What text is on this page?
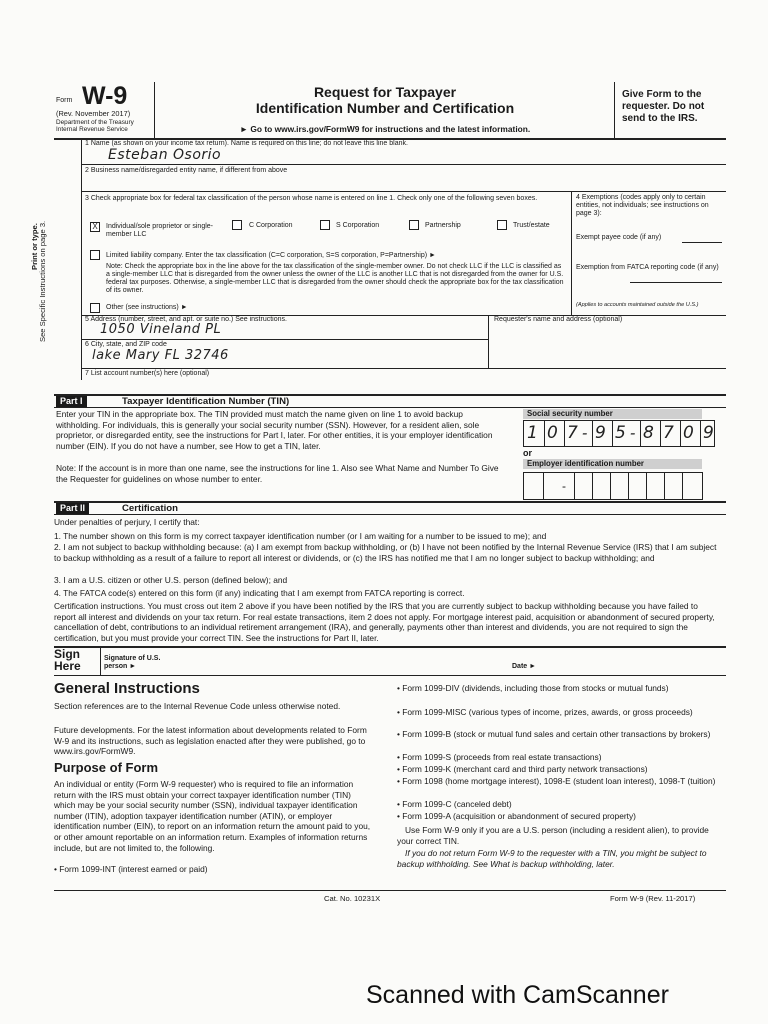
Form W-9
(Rev. November 2017)
Department of the Treasury
Internal Revenue Service
Request for Taxpayer
Identification Number and Certification
► Go to www.irs.gov/FormW9 for instructions and the latest information.
Give Form to the requester. Do not send to the IRS.
Print or type. See Specific Instructions on page 3.
1 Name (as shown on your income tax return). Name is required on this line; do not leave this line blank.
Esteban Osorio
2 Business name/disregarded entity name, if different from above
3 Check appropriate box for federal tax classification of the person whose name is entered on line 1. Check only one of the following seven boxes.
X	Individual/sole proprietor or single-member LLC
C Corporation	S Corporation	Partnership	Trust/estate
Limited liability company. Enter the tax classification (C=C corporation, S=S corporation, P=Partnership) ►
Note: Check the appropriate box in the line above for the tax classification of the single-member owner. Do not check LLC if the LLC is classified as a single-member LLC that is disregarded from the owner unless the owner of the LLC is another LLC that is not disregarded from the owner for U.S. federal tax purposes. Otherwise, a single-member LLC that is disregarded from the owner should check the appropriate box for the tax classification of its owner.
Other (see instructions) ►
4 Exemptions (codes apply only to certain entities, not individuals; see instructions on page 3):
Exempt payee code (if any)
Exemption from FATCA reporting code (if any)
(Applies to accounts maintained outside the U.S.)
5 Address (number, street, and apt. or suite no.) See instructions.
1050 Vineland PL
Requester's name and address (optional)
6 City, state, and ZIP code
lake Mary FL 32746
7 List account number(s) here (optional)
Part I	Taxpayer Identification Number (TIN)
Enter your TIN in the appropriate box. The TIN provided must match the name given on line 1 to avoid backup withholding. For individuals, this is generally your social security number (SSN). However, for a resident alien, sole proprietor, or disregarded entity, see the instructions for Part I, later. For other entities, it is your employer identification number (EIN). If you do not have a number, see How to get a TIN, later.
Note: If the account is in more than one name, see the instructions for line 1. Also see What Name and Number To Give the Requester for guidelines on whose number to enter.
Social security number
1 0 7 - 9 5 - 8 7 0 9
or
Employer identification number
-
Part II	Certification
Under penalties of perjury, I certify that:
1. The number shown on this form is my correct taxpayer identification number (or I am waiting for a number to be issued to me); and
2. I am not subject to backup withholding because: (a) I am exempt from backup withholding, or (b) I have not been notified by the Internal Revenue Service (IRS) that I am subject to backup withholding as a result of a failure to report all interest or dividends, or (c) the IRS has notified me that I am no longer subject to backup withholding; and
3. I am a U.S. citizen or other U.S. person (defined below); and
4. The FATCA code(s) entered on this form (if any) indicating that I am exempt from FATCA reporting is correct.
Certification instructions. You must cross out item 2 above if you have been notified by the IRS that you are currently subject to backup withholding because you have failed to report all interest and dividends on your tax return. For real estate transactions, item 2 does not apply. For mortgage interest paid, acquisition or abandonment of secured property, cancellation of debt, contributions to an individual retirement arrangement (IRA), and generally, payments other than interest and dividends, you are not required to sign the certification, but you must provide your correct TIN. See the instructions for Part II, later.
Sign
Here
Signature of U.S. person ►	Date ►
General Instructions
Section references are to the Internal Revenue Code unless otherwise noted.
Future developments. For the latest information about developments related to Form W-9 and its instructions, such as legislation enacted after they were published, go to www.irs.gov/FormW9.
Purpose of Form
An individual or entity (Form W-9 requester) who is required to file an information return with the IRS must obtain your correct taxpayer identification number (TIN) which may be your social security number (SSN), individual taxpayer identification number (ITIN), adoption taxpayer identification number (ATIN), or employer identification number (EIN), to report on an information return the amount paid to you, or other amount reportable on an information return. Examples of information returns include, but are not limited to, the following.
• Form 1099-INT (interest earned or paid)
• Form 1099-DIV (dividends, including those from stocks or mutual funds)
• Form 1099-MISC (various types of income, prizes, awards, or gross proceeds)
• Form 1099-B (stock or mutual fund sales and certain other transactions by brokers)
• Form 1099-S (proceeds from real estate transactions)
• Form 1099-K (merchant card and third party network transactions)
• Form 1098 (home mortgage interest), 1098-E (student loan interest), 1098-T (tuition)
• Form 1099-C (canceled debt)
• Form 1099-A (acquisition or abandonment of secured property)
Use Form W-9 only if you are a U.S. person (including a resident alien), to provide your correct TIN.
If you do not return Form W-9 to the requester with a TIN, you might be subject to backup withholding. See What is backup withholding, later.
Cat. No. 10231X	Form W-9 (Rev. 11-2017)
Scanned with CamScanner
